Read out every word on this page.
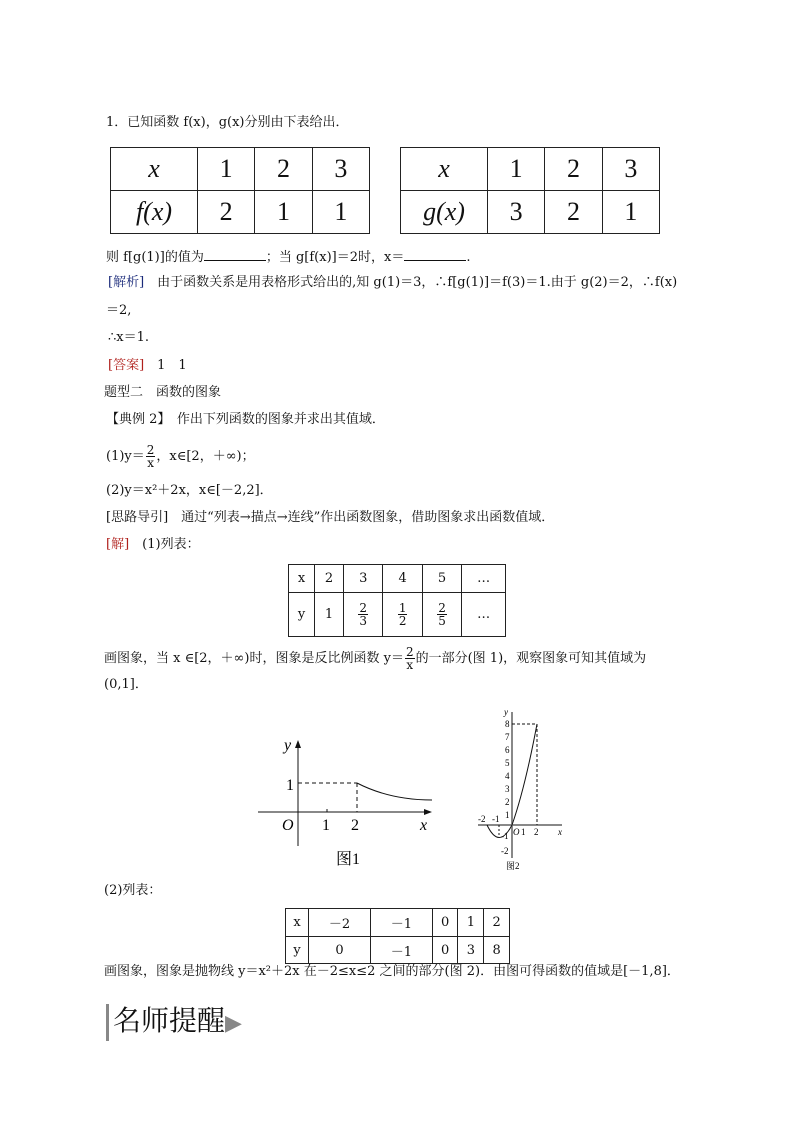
1．已知函数 f(x)，g(x)分别由下表给出．
x	1	2	3
f(x)	2	1	1
x	1	2	3
g(x)	3	2	1
则 f[g(1)]的值为	；当 g[f(x)]＝2时，x＝	.
[解析]　由于函数关系是用表格形式给出的,知 g(1)＝3，∴f[g(1)]＝f(3)＝1.由于 g(2)＝2，∴f(x)
＝2,
∴x＝1.
[答案]　1　1
题型二　函数的图象
【典例 2】　作出下列函数的图象并求出其值域．
$(1)y= \frac{2}{x}$ ，x∈[2，＋∞)；
(2)y＝x²＋2x，x∈[－2,2]．
[思路导引]　通过“列表→描点→连线”作出函数图象，借助图象求出函数值域．
[解]　(1)列表：
x	2	3	4	5	…
y	1	$\frac{2}{3}$	$\frac{1}{2}$	$\frac{2}{5}$	…
画图象，当 x ∈[2，＋∞)时，图象是反比例函数 $y= \frac{2}{x}$ 的一部分(图 1)，观察图象可知其值域为
(0,1]．
y
x
O 1 2
1
图1
y
8
7
6
5
4
3
2
1
-1
-2
-2 -1
O 1 2 x
图2
(2)列表：
x	－2	－1	0	1	2
y	0	－1	0	3	8
画图象，图象是抛物线 y＝x²＋2x 在－2≤x≤2 之间的部分(图 2)．由图可得函数的值域是[－1,8]．
名师提醒▶
